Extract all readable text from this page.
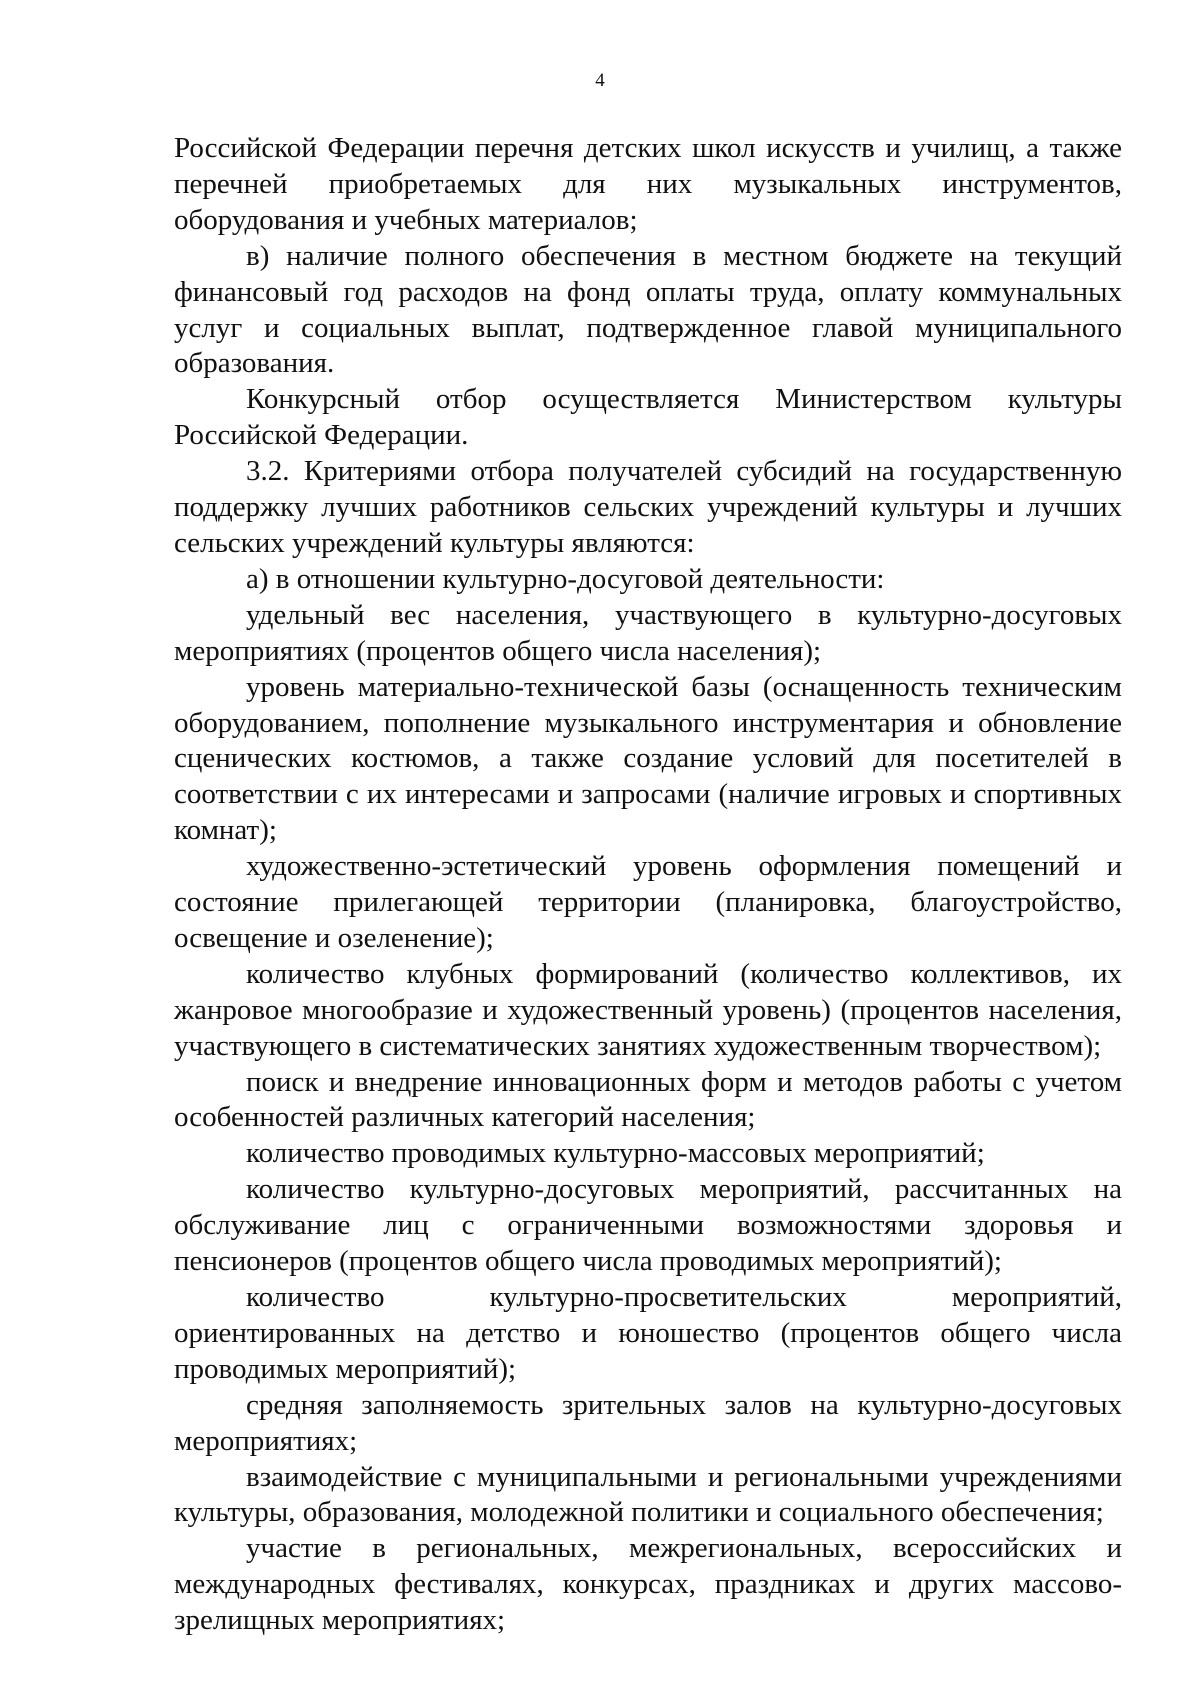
4

Российской Федерации перечня детских школ искусств и училищ, а также перечней приобретаемых для них музыкальных инструментов, оборудования и учебных материалов;

в) наличие полного обеспечения в местном бюджете на текущий финансовый год расходов на фонд оплаты труда, оплату коммунальных услуг и социальных выплат, подтвержденное главой муниципального образования.

Конкурсный отбор осуществляется Министерством культуры Российской Федерации.

3.2. Критериями отбора получателей субсидий на государственную поддержку лучших работников сельских учреждений культуры и лучших сельских учреждений культуры являются:

а) в отношении культурно-досуговой деятельности:

удельный вес населения, участвующего в культурно-досуговых мероприятиях (процентов общего числа населения);

уровень материально-технической базы (оснащенность техническим оборудованием, пополнение музыкального инструментария и обновление сценических костюмов, а также создание условий для посетителей в соответствии с их интересами и запросами (наличие игровых и спортивных комнат);

художественно-эстетический уровень оформления помещений и состояние прилегающей территории (планировка, благоустройство, освещение и озеленение);

количество клубных формирований (количество коллективов, их жанровое многообразие и художественный уровень) (процентов населения, участвующего в систематических занятиях художественным творчеством);

поиск и внедрение инновационных форм и методов работы с учетом особенностей различных категорий населения;

количество проводимых культурно-массовых мероприятий;

количество культурно-досуговых мероприятий, рассчитанных на обслуживание лиц с ограниченными возможностями здоровья и пенсионеров (процентов общего числа проводимых мероприятий);

количество культурно-просветительских мероприятий, ориентированных на детство и юношество (процентов общего числа проводимых мероприятий);

средняя заполняемость зрительных залов на культурно-досуговых мероприятиях;

взаимодействие с муниципальными и региональными учреждениями культуры, образования, молодежной политики и социального обеспечения;

участие в региональных, межрегиональных, всероссийских и международных фестивалях, конкурсах, праздниках и других массово-зрелищных мероприятиях;
